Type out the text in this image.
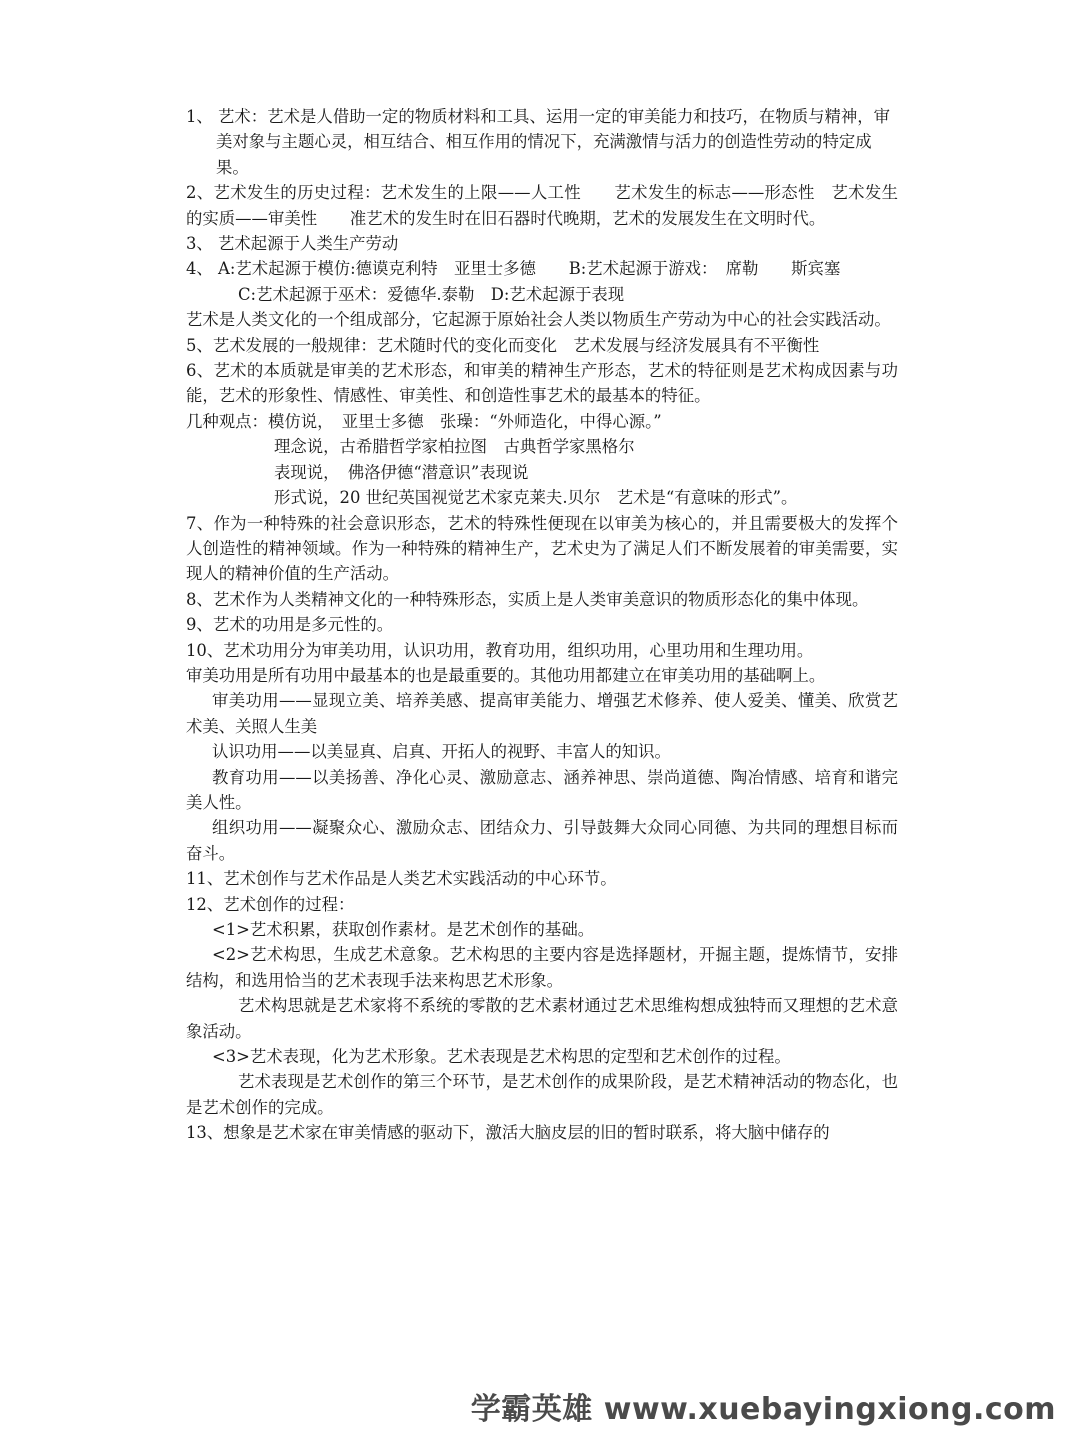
1、 艺术：艺术是人借助一定的物质材料和工具、运用一定的审美能力和技巧，在物质与精神，审美对象与主题心灵，相互结合、相互作用的情况下，充满激情与活力的创造性劳动的特定成果。

2、艺术发生的历史过程：艺术发生的上限——人工性　　艺术发生的标志——形态性　艺术发生的实质——审美性　　准艺术的发生时在旧石器时代晚期，艺术的发展发生在文明时代。

3、 艺术起源于人类生产劳动

4、 A:艺术起源于模仿:德谟克利特　亚里士多德　　B:艺术起源于游戏：　席勒　　斯宾塞

C:艺术起源于巫术：爱德华.泰勒　D:艺术起源于表现

艺术是人类文化的一个组成部分，它起源于原始社会人类以物质生产劳动为中心的社会实践活动。

5、艺术发展的一般规律：艺术随时代的变化而变化　艺术发展与经济发展具有不平衡性

6、艺术的本质就是审美的艺术形态，和审美的精神生产形态，艺术的特征则是艺术构成因素与功能，艺术的形象性、情感性、审美性、和创造性事艺术的最基本的特征。

几种观点：模仿说，　亚里士多德　张璪：“外师造化，中得心源。”

理念说，古希腊哲学家柏拉图　古典哲学家黑格尔

表现说，　佛洛伊德“潜意识”表现说

形式说，20 世纪英国视觉艺术家克莱夫.贝尔　艺术是“有意味的形式”。

7、作为一种特殊的社会意识形态，艺术的特殊性便现在以审美为核心的，并且需要极大的发挥个人创造性的精神领域。作为一种特殊的精神生产，艺术史为了满足人们不断发展着的审美需要，实现人的精神价值的生产活动。

8、艺术作为人类精神文化的一种特殊形态，实质上是人类审美意识的物质形态化的集中体现。

9、艺术的功用是多元性的。

10、艺术功用分为审美功用，认识功用，教育功用，组织功用，心里功用和生理功用。

审美功用是所有功用中最基本的也是最重要的。其他功用都建立在审美功用的基础啊上。

审美功用——显现立美、培养美感、提高审美能力、增强艺术修养、使人爱美、懂美、欣赏艺术美、关照人生美

认识功用——以美显真、启真、开拓人的视野、丰富人的知识。

教育功用——以美扬善、净化心灵、激励意志、涵养神思、崇尚道德、陶冶情感、培育和谐完美人性。

组织功用——凝聚众心、激励众志、团结众力、引导鼓舞大众同心同德、为共同的理想目标而奋斗。

11、艺术创作与艺术作品是人类艺术实践活动的中心环节。

12、艺术创作的过程：

<1>艺术积累，获取创作素材。是艺术创作的基础。

<2>艺术构思，生成艺术意象。艺术构思的主要内容是选择题材，开掘主题，提炼情节，安排结构，和选用恰当的艺术表现手法来构思艺术形象。

艺术构思就是艺术家将不系统的零散的艺术素材通过艺术思维构想成独特而又理想的艺术意象活动。

<3>艺术表现，化为艺术形象。艺术表现是艺术构思的定型和艺术创作的过程。

艺术表现是艺术创作的第三个环节，是艺术创作的成果阶段，是艺术精神活动的物态化，也是艺术创作的完成。

13、想象是艺术家在审美情感的驱动下，激活大脑皮层的旧的暂时联系，将大脑中储存的

学霸英雄 www.xuebayingxiong.com
